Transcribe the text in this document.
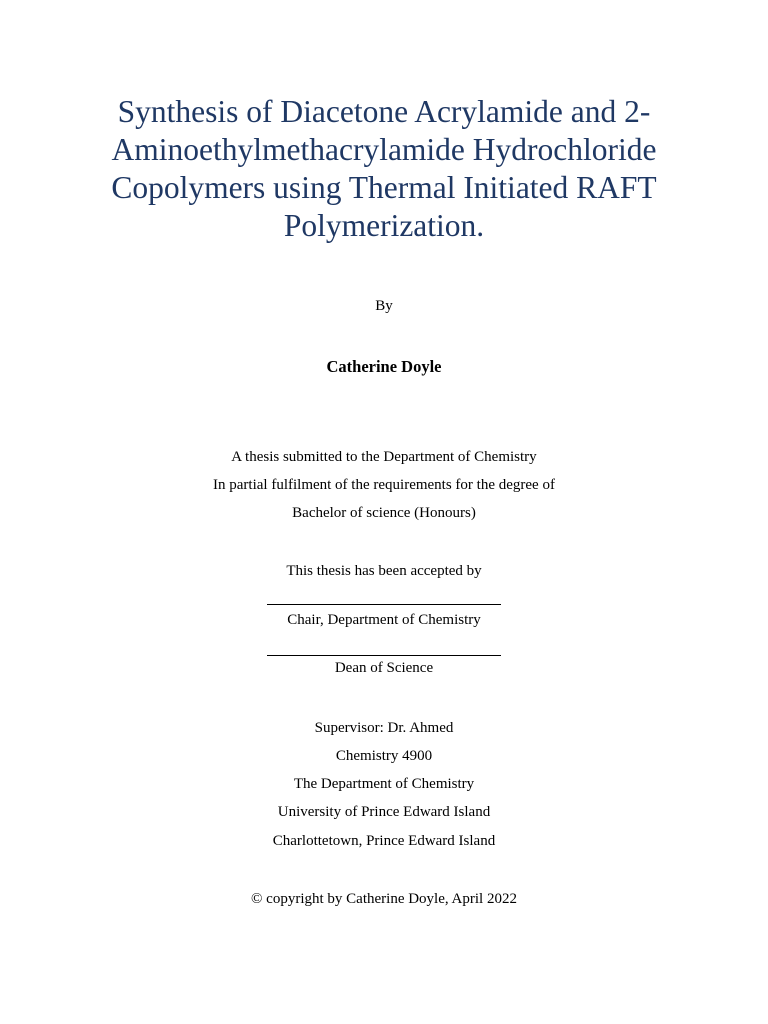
Synthesis of Diacetone Acrylamide and 2-
Aminoethylmethacrylamide Hydrochloride
Copolymers using Thermal Initiated RAFT
Polymerization.
By
Catherine Doyle
A thesis submitted to the Department of Chemistry
In partial fulfilment of the requirements for the degree of
Bachelor of science (Honours)
This thesis has been accepted by
Chair, Department of Chemistry
Dean of Science
Supervisor: Dr. Ahmed
Chemistry 4900
The Department of Chemistry
University of Prince Edward Island
Charlottetown, Prince Edward Island
© copyright by Catherine Doyle, April 2022
